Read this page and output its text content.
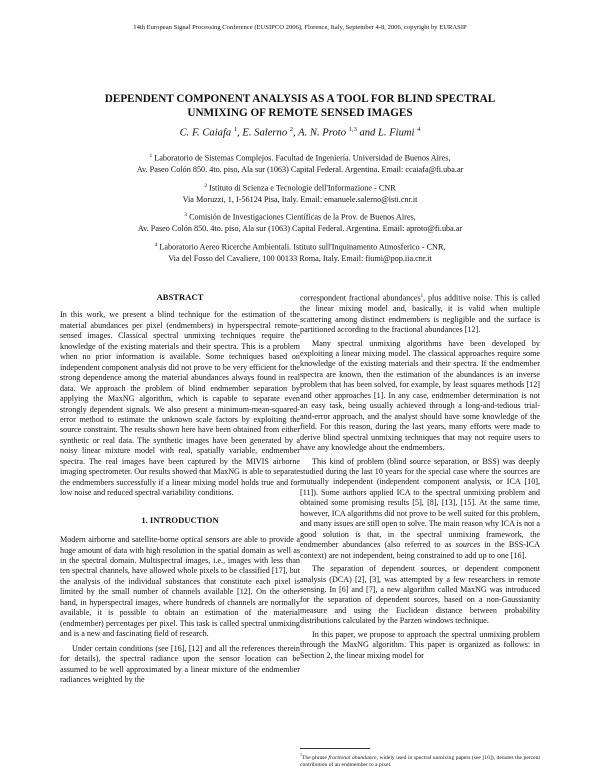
14th European Signal Processing Conference (EUSIPCO 2006), Florence, Italy, September 4-8, 2006, copyright by EURASIP
DEPENDENT COMPONENT ANALYSIS AS A TOOL FOR BLIND SPECTRAL
UNMIXING OF REMOTE SENSED IMAGES
C. F. Caiafa $^1$, E. Salerno $^2$, A. N. Proto $^{1,3}$ and L. Fiumi $^4$
$^1$ Laboratorio de Sistemas Complejos. Facultad de Ingeniería. Universidad de Buenos Aires,
Av. Paseo Colón 850. 4to. piso, Ala sur (1063) Capital Federal. Argentina. Email: ccaiafa@fi.uba.ar
$^2$ Istituto di Scienza e Tecnologie dell'Informazione - CNR
Via Moruzzi, 1, I-56124 Pisa, Italy. Email: emanuele.salerno@isti.cnr.it
$^3$ Comisión de Investigaciones Científicas de la Prov. de Buenos Aires,
Av. Paseo Colón 850. 4to. piso, Ala sur (1063) Capital Federal. Argentina. Email: aproto@fi.uba.ar
$^4$ Laboratorio Aereo Ricerche Ambientali. Istituto sull'Inquinamento Atmosferico - CNR,
Via del Fosso del Cavaliere, 100 00133 Roma, Italy. Email: fiumi@pop.iia.cnr.it
ABSTRACT

In this work, we present a blind technique for the estimation of the material abundances per pixel (endmembers) in hyperspectral remote-sensed images. Classical spectral unmixing techniques require the knowledge of the existing materials and their spectra. This is a problem when no prior information is available. Some techniques based on independent component analysis did not prove to be very efficient for the strong dependence among the material abundances always found in real data. We approach the problem of blind endmember separation by applying the MaxNG algorithm, which is capable to separate even strongly dependent signals. We also present a minimum-mean-squared-error method to estimate the unknown scale factors by exploiting the source constraint. The results shown here have been obtained from either synthetic or real data. The synthetic images have been generated by a noisy linear mixture model with real, spatially variable, endmember spectra. The real images have been captured by the MIVIS airborne imaging spectrometer. Our results showed that MaxNG is able to separate the endmembers successfully if a linear mixing model holds true and for low noise and reduced spectral variability conditions.

1. INTRODUCTION

Modern airborne and satellite-borne optical sensors are able to provide a huge amount of data with high resolution in the spatial domain as well as in the spectral domain. Multispectral images, i.e., images with less than ten spectral channels, have allowed whole pixels to be classified [17], but the analysis of the individual substances that constitute each pixel is limited by the small number of channels available [12]. On the other hand, in hyperspectral images, where hundreds of channels are normally available, it is possible to obtain an estimation of the material (endmember) percentages per pixel. This task is called spectral unmixing and is a new and fascinating field of research.

Under certain conditions (see [16], [12] and all the references therein for details), the spectral radiance upon the sensor location can be assumed to be well approximated by a linear mixture of the endmember radiances weighted by the

correspondent fractional abundances$^1$, plus additive noise. This is called the linear mixing model and, basically, it is valid when multiple scattering among distinct endmembers is negligible and the surface is partitioned according to the fractional abundances [12].

Many spectral unmixing algorithms have been developed by exploiting a linear mixing model. The classical approaches require some knowledge of the existing materials and their spectra. If the endmember spectra are known, then the estimation of the abundances is an inverse problem that has been solved, for example, by least squares methods [12] and other approaches [1]. In any case, endmember determination is not an easy task, being usually achieved through a long-and-tedious trial-and-error approach, and the analyst should have some knowledge of the field. For this reason, during the last years, many efforts were made to derive blind spectral unmixing techniques that may not require users to have any knowledge about the endmembers.

This kind of problem (blind source separation, or BSS) was deeply studied during the last 10 years for the special case where the sources are mutually independent (independent component analysis, or ICA [10], [11]). Some authors applied ICA to the spectral unmixing problem and obtained some promising results [5], [8], [13], [15]. At the same time, however, ICA algorithms did not prove to be well suited for this problem, and many issues are still open to solve. The main reason why ICA is not a good solution is that, in the spectral unmixing framework, the endmember abundances (also referred to as sources in the BSS-ICA context) are not independent, being constrained to add up to one [16].

The separation of dependent sources, or dependent component analysis (DCA) [2], [3], was attempted by a few researchers in remote sensing. In [6] and [7], a new algorithm called MaxNG was introduced for the separation of dependent sources, based on a non-Gaussianity measure and using the Euclidean distance between probability distributions calculated by the Parzen windows technique.

In this paper, we propose to approach the spectral unmixing problem through the MaxNG algorithm. This paper is organized as follows: in Section 2, the linear mixing model for

$^1$The phrase fractional abundance, widely used in spectral unmixing papers (see [16]), denotes the percent contribution of an endmember to a pixel.
